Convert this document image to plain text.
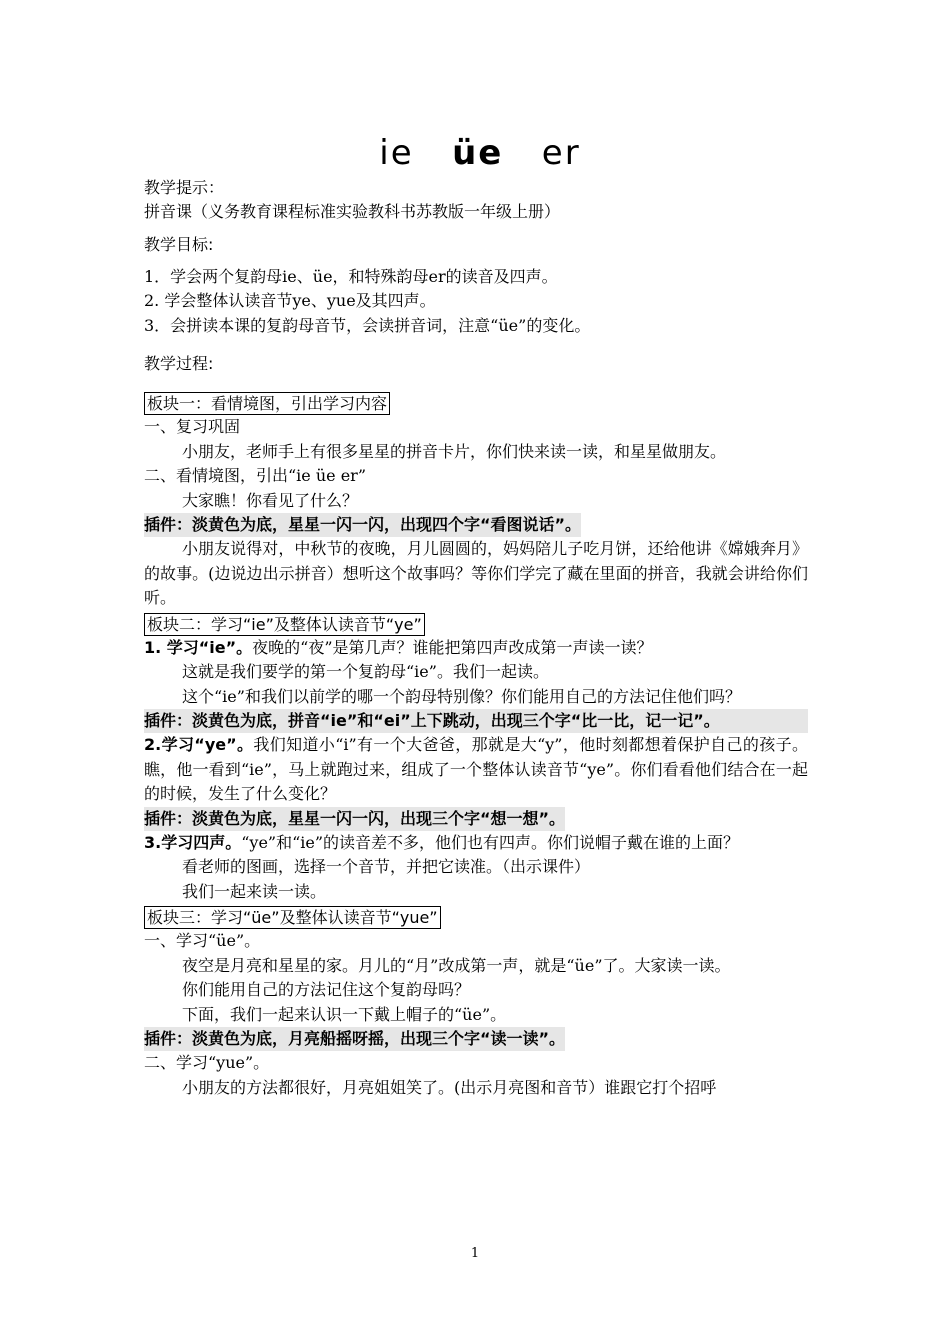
ie üe er

教学提示：

拼音课（义务教育课程标准实验教科书苏教版一年级上册）

教学目标:

1．学会两个复韵母ie、üe，和特殊韵母er的读音及四声。

2. 学会整体认读音节ye、yue及其四声。

3．会拼读本课的复韵母音节，会读拼音词，注意“üe”的变化。

教学过程:

板块一：看情境图，引出学习内容

一、复习巩固

小朋友，老师手上有很多星星的拼音卡片，你们快来读一读，和星星做朋友。

二、看情境图，引出“ie üe er”

大家瞧！你看见了什么？

插件：淡黄色为底，星星一闪一闪，出现四个字“看图说话”。

小朋友说得对，中秋节的夜晚，月儿圆圆的，妈妈陪儿子吃月饼，还给他讲《嫦娥奔月》的故事。(边说边出示拼音）想听这个故事吗？等你们学完了藏在里面的拼音，我就会讲给你们听。

板块二：学习“ie”及整体认读音节“ye”

1. 学习“ie”。夜晚的“夜”是第几声？谁能把第四声改成第一声读一读？

这就是我们要学的第一个复韵母“ie”。我们一起读。

这个“ie”和我们以前学的哪一个韵母特别像？你们能用自己的方法记住他们吗？

插件：淡黄色为底，拼音“ie”和“ei”上下跳动，出现三个字“比一比，记一记”。

2.学习“ye”。我们知道小“i”有一个大爸爸，那就是大“y”，他时刻都想着保护自己的孩子。瞧，他一看到“ie”，马上就跑过来，组成了一个整体认读音节“ye”。你们看看他们结合在一起的时候，发生了什么变化？

插件：淡黄色为底，星星一闪一闪，出现三个字“想一想”。

3.学习四声。“ye”和“ie”的读音差不多，他们也有四声。你们说帽子戴在谁的上面？

看老师的图画，选择一个音节，并把它读准。（出示课件）

我们一起来读一读。

板块三：学习“üe”及整体认读音节“yue”

一、学习“üe”。

夜空是月亮和星星的家。月儿的“月”改成第一声，就是“üe”了。大家读一读。

你们能用自己的方法记住这个复韵母吗？

下面，我们一起来认识一下戴上帽子的“üe”。

插件：淡黄色为底，月亮船摇呀摇，出现三个字“读一读”。

二、学习“yue”。

小朋友的方法都很好，月亮姐姐笑了。(出示月亮图和音节）谁跟它打个招呼

1
